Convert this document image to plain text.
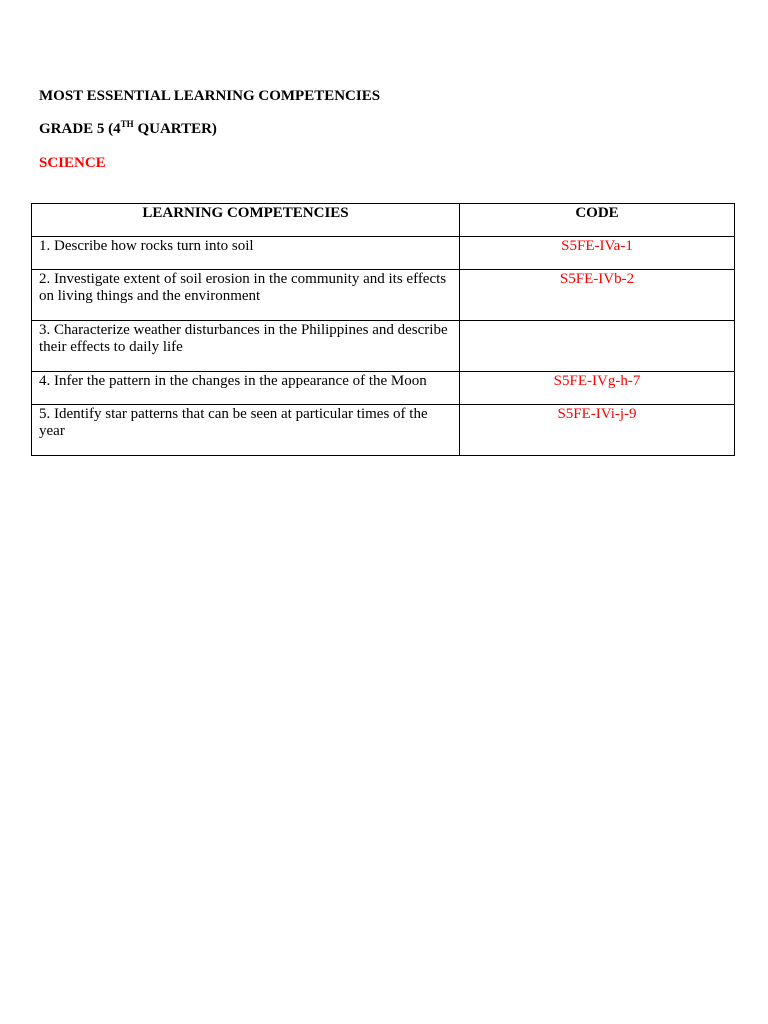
MOST ESSENTIAL LEARNING COMPETENCIES
GRADE 5 (4TH QUARTER)
SCIENCE
LEARNING COMPETENCIES	CODE
1. Describe how rocks turn into soil	S5FE-IVa-1
2. Investigate extent of soil erosion in the community and its effects on living things and the environment	S5FE-IVb-2
3. Characterize weather disturbances in the Philippines and describe their effects to daily life	
4. Infer the pattern in the changes in the appearance of the Moon	S5FE-IVg-h-7
5. Identify star patterns that can be seen at particular times of the year	S5FE-IVi-j-9
